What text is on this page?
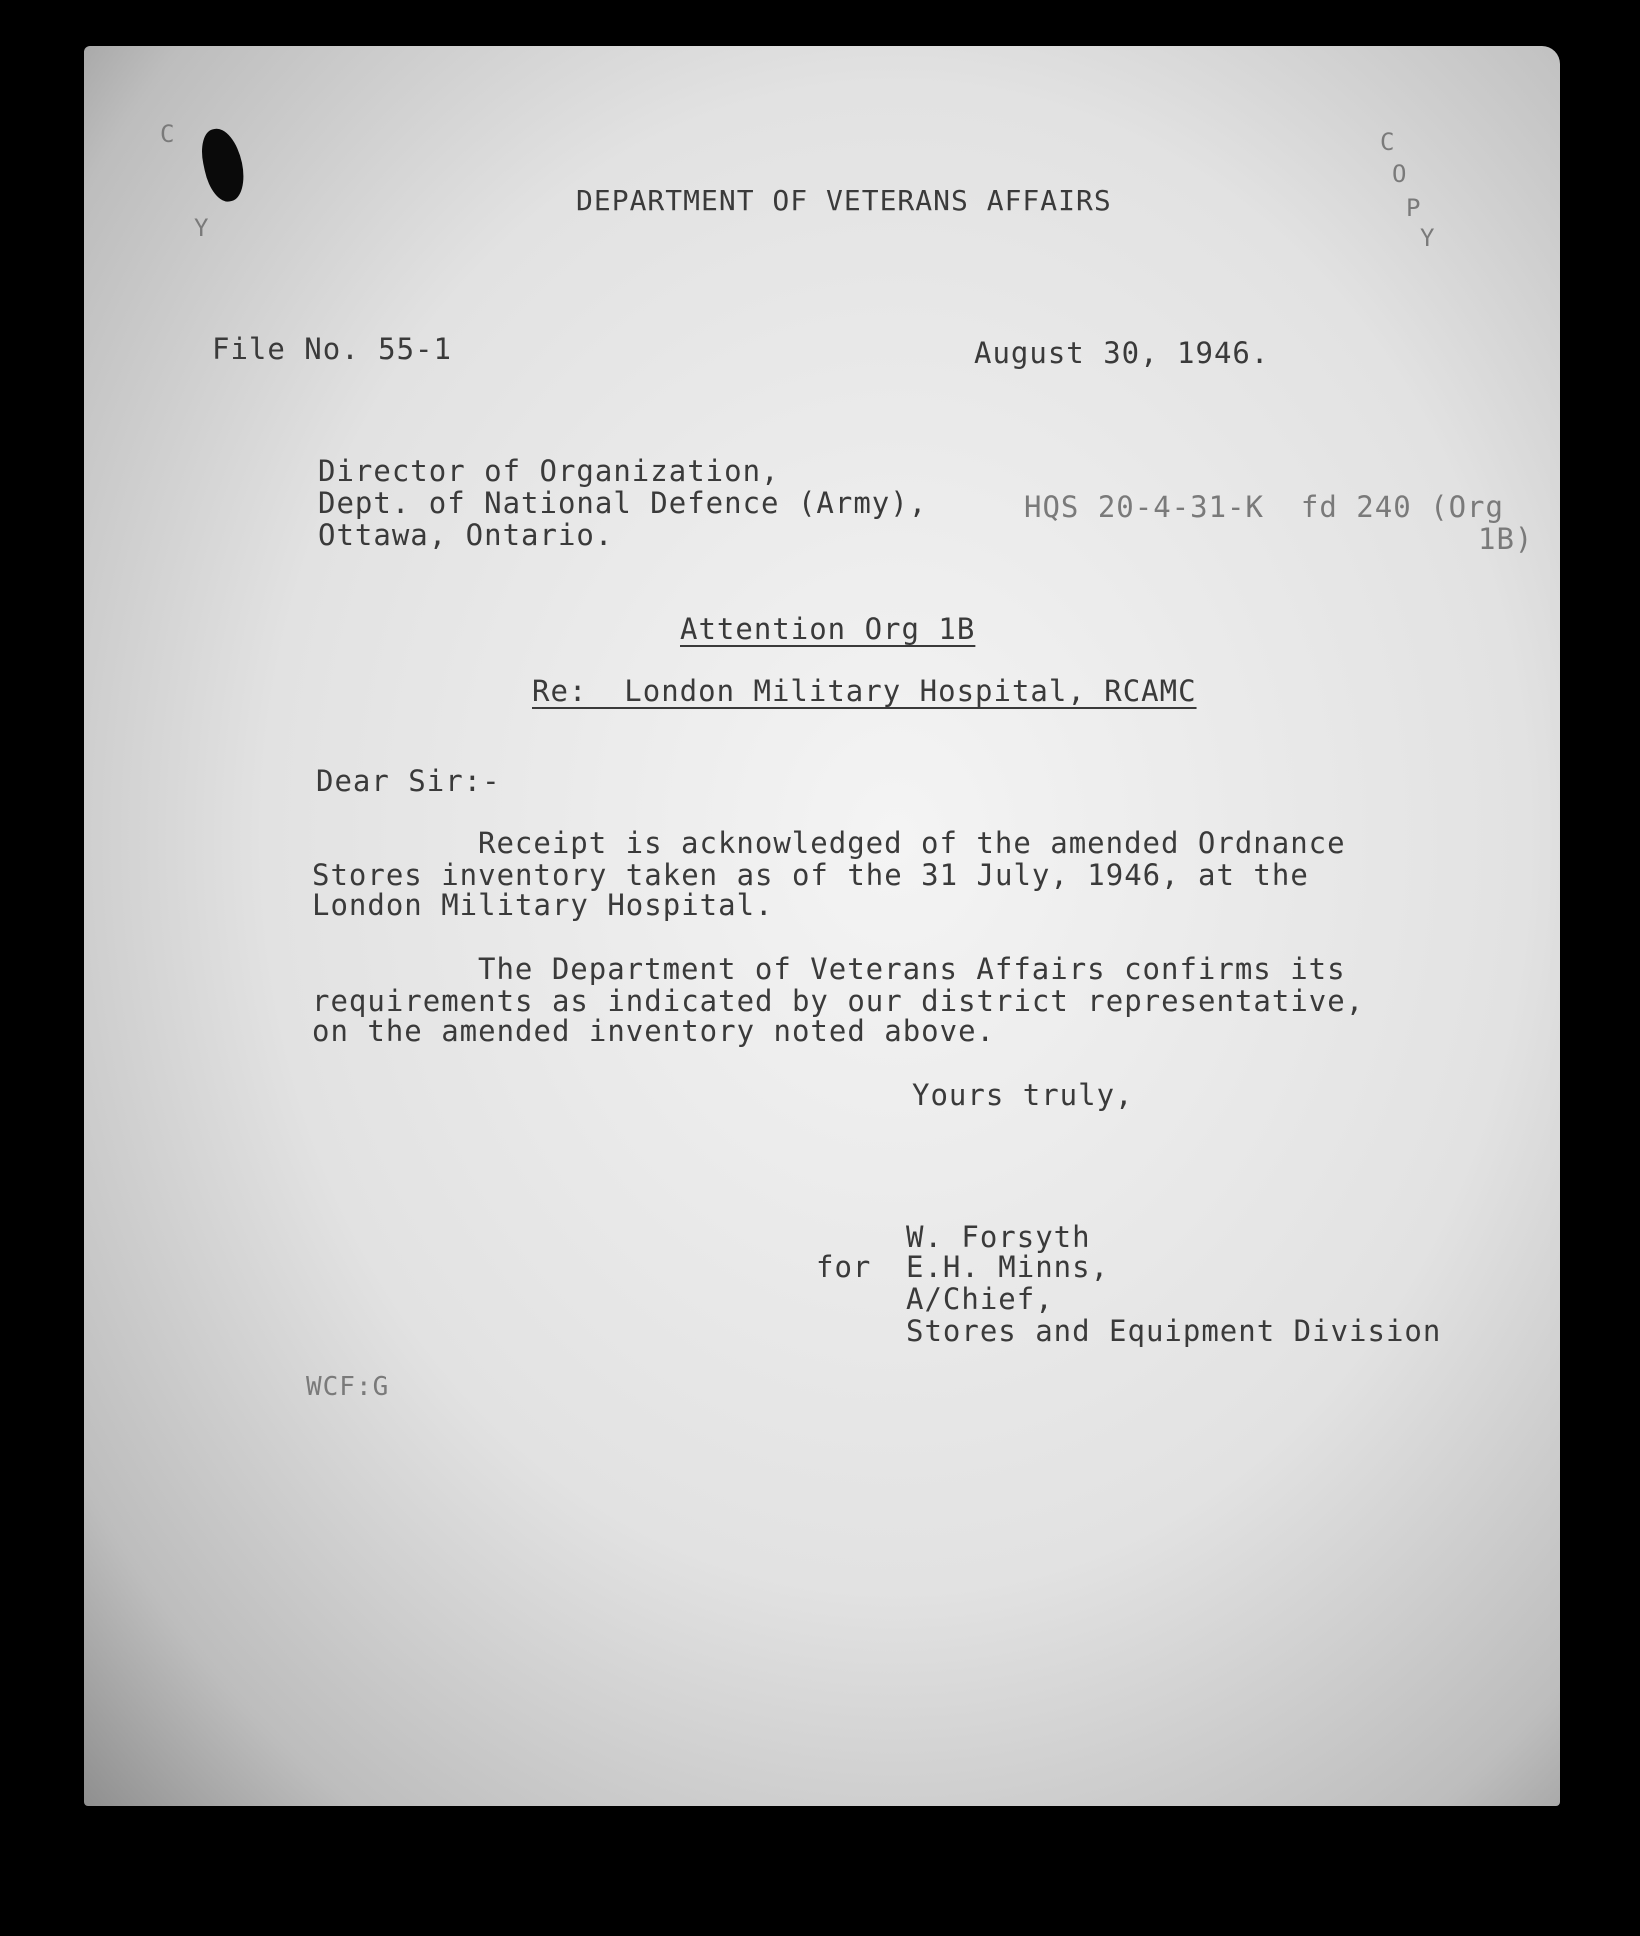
C
Y
C
O
P
Y
DEPARTMENT OF VETERANS AFFAIRS
File No. 55-1	August 30, 1946.
Director of Organization,
Dept. of National Defence (Army),
Ottawa, Ontario.
HQS 20-4-31-K  fd 240 (Org
1B)
Attention Org 1B
Re:  London Military Hospital, RCAMC
Dear Sir:-
Receipt is acknowledged of the amended Ordnance
Stores inventory taken as of the 31 July, 1946, at the
London Military Hospital.
The Department of Veterans Affairs confirms its
requirements as indicated by our district representative,
on the amended inventory noted above.
Yours truly,
W. Forsyth
for E.H. Minns,
A/Chief,
Stores and Equipment Division
WCF:G
